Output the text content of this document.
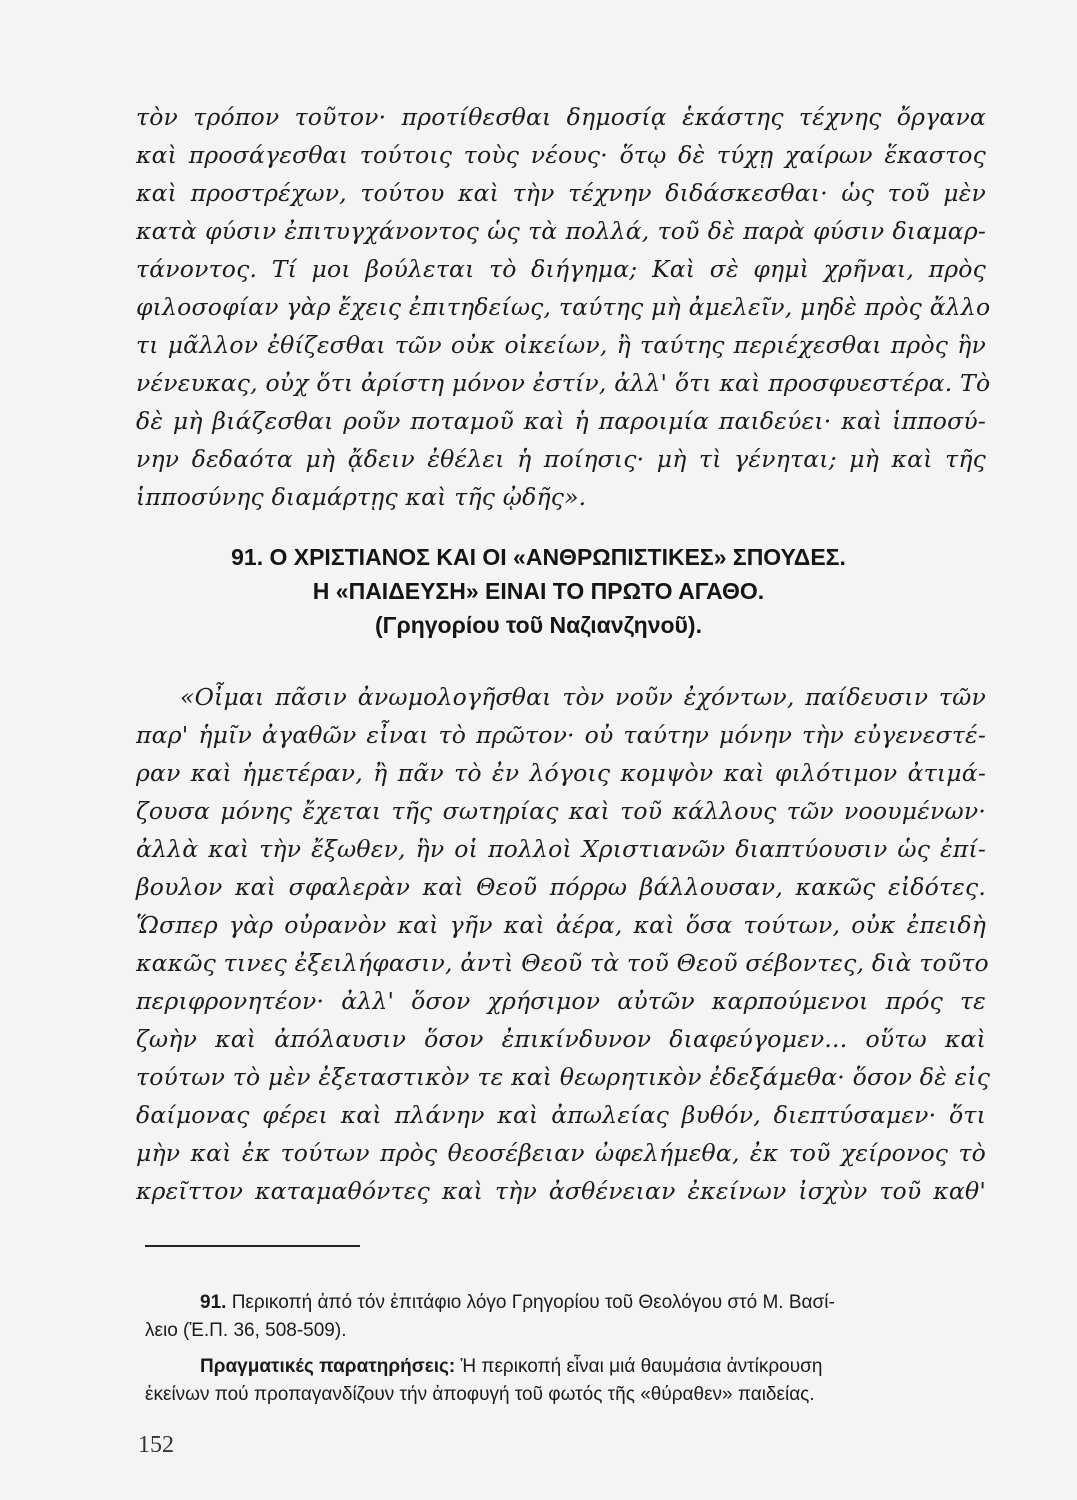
τὸν τρόπον τοῦτον· προτίθεσθαι δημοσίᾳ ἑκάστης τέχνης ὄργανα
καὶ προσάγεσθαι τούτοις τοὺς νέους· ὅτῳ δὲ τύχῃ χαίρων ἕκαστος
καὶ προστρέχων, τούτου καὶ τὴν τέχνην διδάσκεσθαι· ὡς τοῦ μὲν
κατὰ φύσιν ἐπιτυγχάνοντος ὡς τὰ πολλά, τοῦ δὲ παρὰ φύσιν διαμαρ-
τάνοντος. Τί μοι βούλεται τὸ διήγημα; Καὶ σὲ φημὶ χρῆναι, πρὸς
φιλοσοφίαν γὰρ ἔχεις ἐπιτηδείως, ταύτης μὴ ἀμελεῖν, μηδὲ πρὸς ἄλλο
τι μᾶλλον ἐθίζεσθαι τῶν οὐκ οἰκείων, ἢ ταύτης περιέχεσθαι πρὸς ἣν
νένευκας, οὐχ ὅτι ἀρίστη μόνον ἐστίν, ἀλλ' ὅτι καὶ προσφυεστέρα. Τὸ
δὲ μὴ βιάζεσθαι ροῦν ποταμοῦ καὶ ἡ παροιμία παιδεύει· καὶ ἱπποσύ-
νην δεδαότα μὴ ᾄδειν ἐθέλει ἡ ποίησις· μὴ τὶ γένηται; μὴ καὶ τῆς
ἱπποσύνης διαμάρτῃς καὶ τῆς ᾠδῆς».
91. Ο ΧΡΙΣΤΙΑΝΟΣ ΚΑΙ ΟΙ «ΑΝΘΡΩΠΙΣΤΙΚΕΣ» ΣΠΟΥΔΕΣ.
Η «ΠΑΙΔΕΥΣΗ» ΕΙΝΑΙ ΤΟ ΠΡΩΤΟ ΑΓΑΘΟ.
(Γρηγορίου τοῦ Ναζιανζηνοῦ).
«Οἶμαι πᾶσιν ἀνωμολογῆσθαι τὸν νοῦν ἐχόντων, παίδευσιν τῶν
παρ' ἡμῖν ἀγαθῶν εἶναι τὸ πρῶτον· οὐ ταύτην μόνην τὴν εὐγενεστέ-
ραν καὶ ἡμετέραν, ἢ πᾶν τὸ ἐν λόγοις κομψὸν καὶ φιλότιμον ἀτιμά-
ζουσα μόνης ἔχεται τῆς σωτηρίας καὶ τοῦ κάλλους τῶν νοουμένων·
ἀλλὰ καὶ τὴν ἔξωθεν, ἣν οἱ πολλοὶ Χριστιανῶν διαπτύουσιν ὡς ἐπί-
βουλον καὶ σφαλερὰν καὶ Θεοῦ πόρρω βάλλουσαν, κακῶς εἰδότες.
Ὥσπερ γὰρ οὐρανὸν καὶ γῆν καὶ ἀέρα, καὶ ὅσα τούτων, οὐκ ἐπειδὴ
κακῶς τινες ἐξειλήφασιν, ἀντὶ Θεοῦ τὰ τοῦ Θεοῦ σέβοντες, διὰ τοῦτο
περιφρονητέον· ἀλλ' ὅσον χρήσιμον αὐτῶν καρπούμενοι πρός τε
ζωὴν καὶ ἀπόλαυσιν ὅσον ἐπικίνδυνον διαφεύγομεν... οὕτω καὶ
τούτων τὸ μὲν ἐξεταστικὸν τε καὶ θεωρητικὸν ἐδεξάμεθα· ὅσον δὲ εἰς
δαίμονας φέρει καὶ πλάνην καὶ ἀπωλείας βυθόν, διεπτύσαμεν· ὅτι
μὴν καὶ ἐκ τούτων πρὸς θεοσέβειαν ὠφελήμεθα, ἐκ τοῦ χείρονος τὸ
κρεῖττον καταμαθόντες καὶ τὴν ἀσθένειαν ἐκείνων ἰσχὺν τοῦ καθ'
91. Περικοπή ἀπό τόν ἐπιτάφιο λόγο Γρηγορίου τοῦ Θεολόγου στό Μ. Βασί-
λειο (Ἐ.Π. 36, 508-509).
Πραγματικές παρατηρήσεις: Ἡ περικοπή εἶναι μιά θαυμάσια ἀντίκρουση
ἐκείνων πού προπαγανδίζουν τήν ἀποφυγή τοῦ φωτός τῆς «θύραθεν» παιδείας.
152
